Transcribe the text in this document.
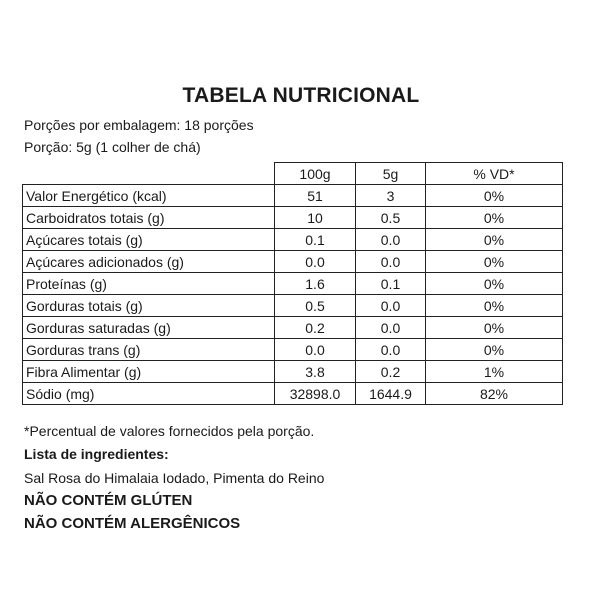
TABELA NUTRICIONAL
Porções por embalagem: 18 porções
Porção: 5g (1 colher de chá)
	100g	5g	% VD*
Valor Energético (kcal)	51	3	0%
Carboidratos totais (g)	10	0.5	0%
Açúcares totais (g)	0.1	0.0	0%
Açúcares adicionados (g)	0.0	0.0	0%
Proteínas (g)	1.6	0.1	0%
Gorduras totais (g)	0.5	0.0	0%
Gorduras saturadas (g)	0.2	0.0	0%
Gorduras trans (g)	0.0	0.0	0%
Fibra Alimentar (g)	3.8	0.2	1%
Sódio (mg)	32898.0	1644.9	82%
*Percentual de valores fornecidos pela porção.
Lista de ingredientes:
Sal Rosa do Himalaia Iodado, Pimenta do Reino
NÃO CONTÉM GLÚTEN
NÃO CONTÉM ALERGÊNICOS
